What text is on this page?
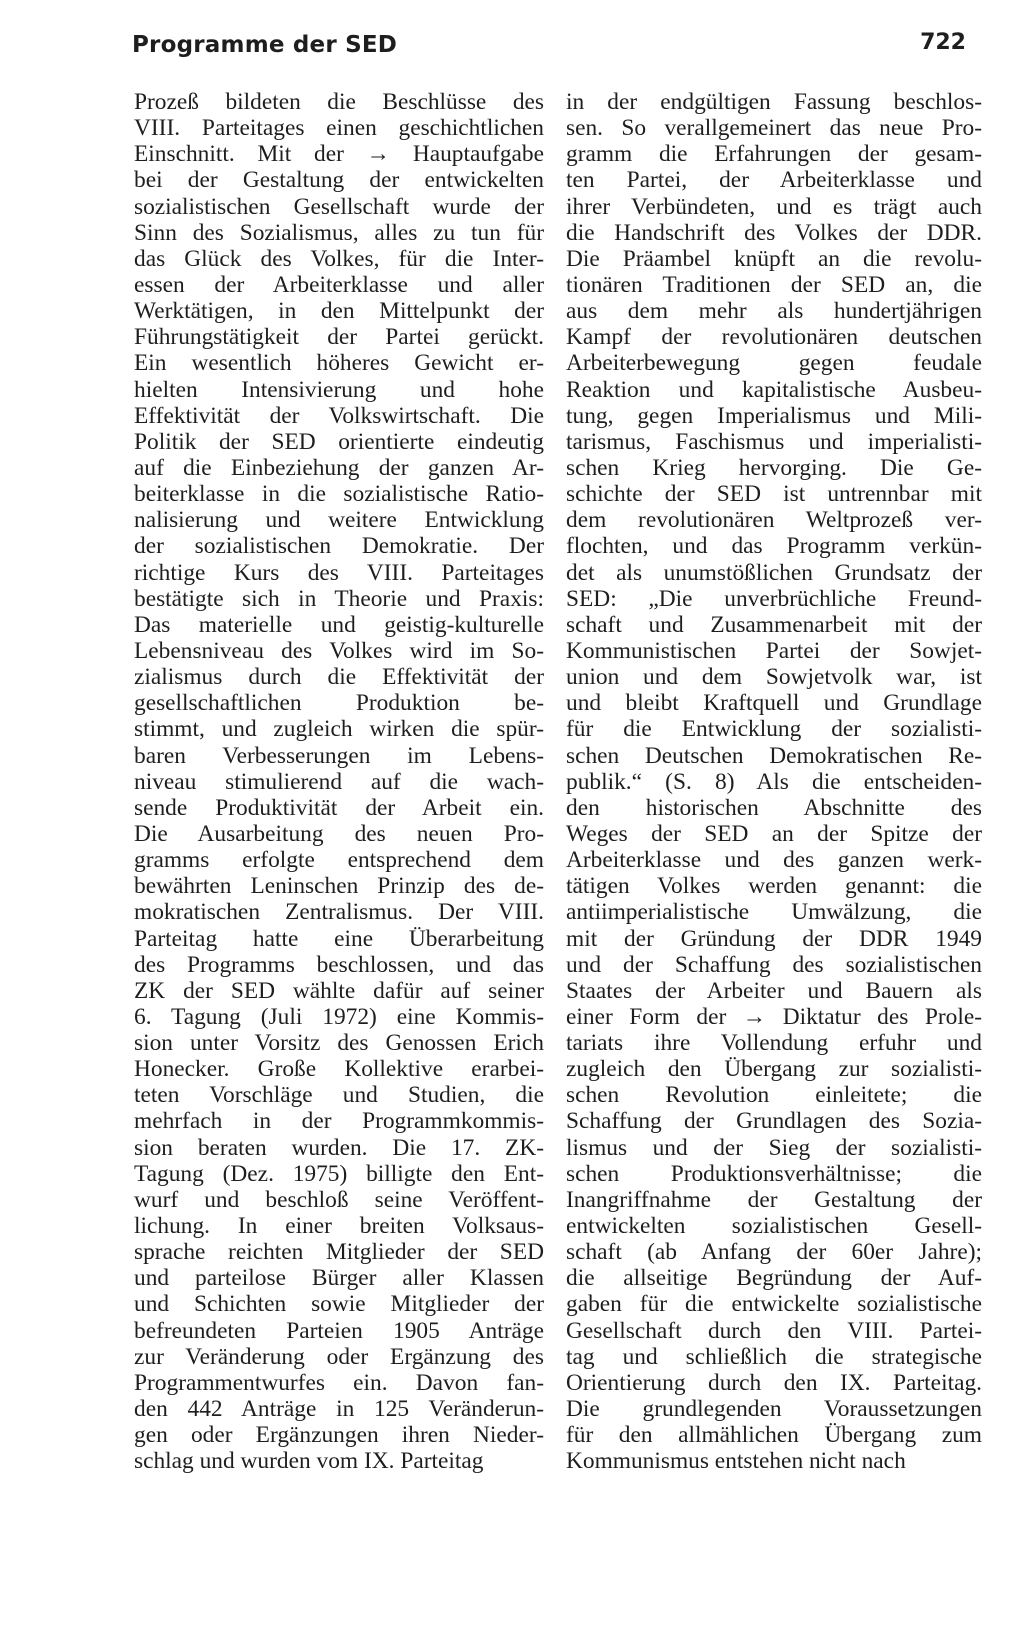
Programme der SED	722
Prozeß bildeten die Beschlüsse des
VIII. Parteitages einen geschichtlichen
Einschnitt. Mit der → Hauptaufgabe
bei der Gestaltung der entwickelten
sozialistischen Gesellschaft wurde der
Sinn des Sozialismus, alles zu tun für
das Glück des Volkes, für die Inter-
essen der Arbeiterklasse und aller
Werktätigen, in den Mittelpunkt der
Führungstätigkeit der Partei gerückt.
Ein wesentlich höheres Gewicht er-
hielten Intensivierung und hohe
Effektivität der Volkswirtschaft. Die
Politik der SED orientierte eindeutig
auf die Einbeziehung der ganzen Ar-
beiterklasse in die sozialistische Ratio-
nalisierung und weitere Entwicklung
der sozialistischen Demokratie. Der
richtige Kurs des VIII. Parteitages
bestätigte sich in Theorie und Praxis:
Das materielle und geistig-kulturelle
Lebensniveau des Volkes wird im So-
zialismus durch die Effektivität der
gesellschaftlichen Produktion be-
stimmt, und zugleich wirken die spür-
baren Verbesserungen im Lebens-
niveau stimulierend auf die wach-
sende Produktivität der Arbeit ein.
Die Ausarbeitung des neuen Pro-
gramms erfolgte entsprechend dem
bewährten Leninschen Prinzip des de-
mokratischen Zentralismus. Der VIII.
Parteitag hatte eine Überarbeitung
des Programms beschlossen, und das
ZK der SED wählte dafür auf seiner
6. Tagung (Juli 1972) eine Kommis-
sion unter Vorsitz des Genossen Erich
Honecker. Große Kollektive erarbei-
teten Vorschläge und Studien, die
mehrfach in der Programmkommis-
sion beraten wurden. Die 17. ZK-
Tagung (Dez. 1975) billigte den Ent-
wurf und beschloß seine Veröffent-
lichung. In einer breiten Volksaus-
sprache reichten Mitglieder der SED
und parteilose Bürger aller Klassen
und Schichten sowie Mitglieder der
befreundeten Parteien 1905 Anträge
zur Veränderung oder Ergänzung des
Programmentwurfes ein. Davon fan-
den 442 Anträge in 125 Veränderun-
gen oder Ergänzungen ihren Nieder-
schlag und wurden vom IX. Parteitag
in der endgültigen Fassung beschlos-
sen. So verallgemeinert das neue Pro-
gramm die Erfahrungen der gesam-
ten Partei, der Arbeiterklasse und
ihrer Verbündeten, und es trägt auch
die Handschrift des Volkes der DDR.
Die Präambel knüpft an die revolu-
tionären Traditionen der SED an, die
aus dem mehr als hundertjährigen
Kampf der revolutionären deutschen
Arbeiterbewegung gegen feudale
Reaktion und kapitalistische Ausbeu-
tung, gegen Imperialismus und Mili-
tarismus, Faschismus und imperialisti-
schen Krieg hervorging. Die Ge-
schichte der SED ist untrennbar mit
dem revolutionären Weltprozeß ver-
flochten, und das Programm verkün-
det als unumstößlichen Grundsatz der
SED: „Die unverbrüchliche Freund-
schaft und Zusammenarbeit mit der
Kommunistischen Partei der Sowjet-
union und dem Sowjetvolk war, ist
und bleibt Kraftquell und Grundlage
für die Entwicklung der sozialisti-
schen Deutschen Demokratischen Re-
publik.“ (S. 8) Als die entscheiden-
den historischen Abschnitte des
Weges der SED an der Spitze der
Arbeiterklasse und des ganzen werk-
tätigen Volkes werden genannt: die
antiimperialistische Umwälzung, die
mit der Gründung der DDR 1949
und der Schaffung des sozialistischen
Staates der Arbeiter und Bauern als
einer Form der → Diktatur des Prole-
tariats ihre Vollendung erfuhr und
zugleich den Übergang zur sozialisti-
schen Revolution einleitete; die
Schaffung der Grundlagen des Sozia-
lismus und der Sieg der sozialisti-
schen Produktionsverhältnisse; die
Inangriffnahme der Gestaltung der
entwickelten sozialistischen Gesell-
schaft (ab Anfang der 60er Jahre);
die allseitige Begründung der Auf-
gaben für die entwickelte sozialistische
Gesellschaft durch den VIII. Partei-
tag und schließlich die strategische
Orientierung durch den IX. Parteitag.
Die grundlegenden Voraussetzungen
für den allmählichen Übergang zum
Kommunismus entstehen nicht nach
